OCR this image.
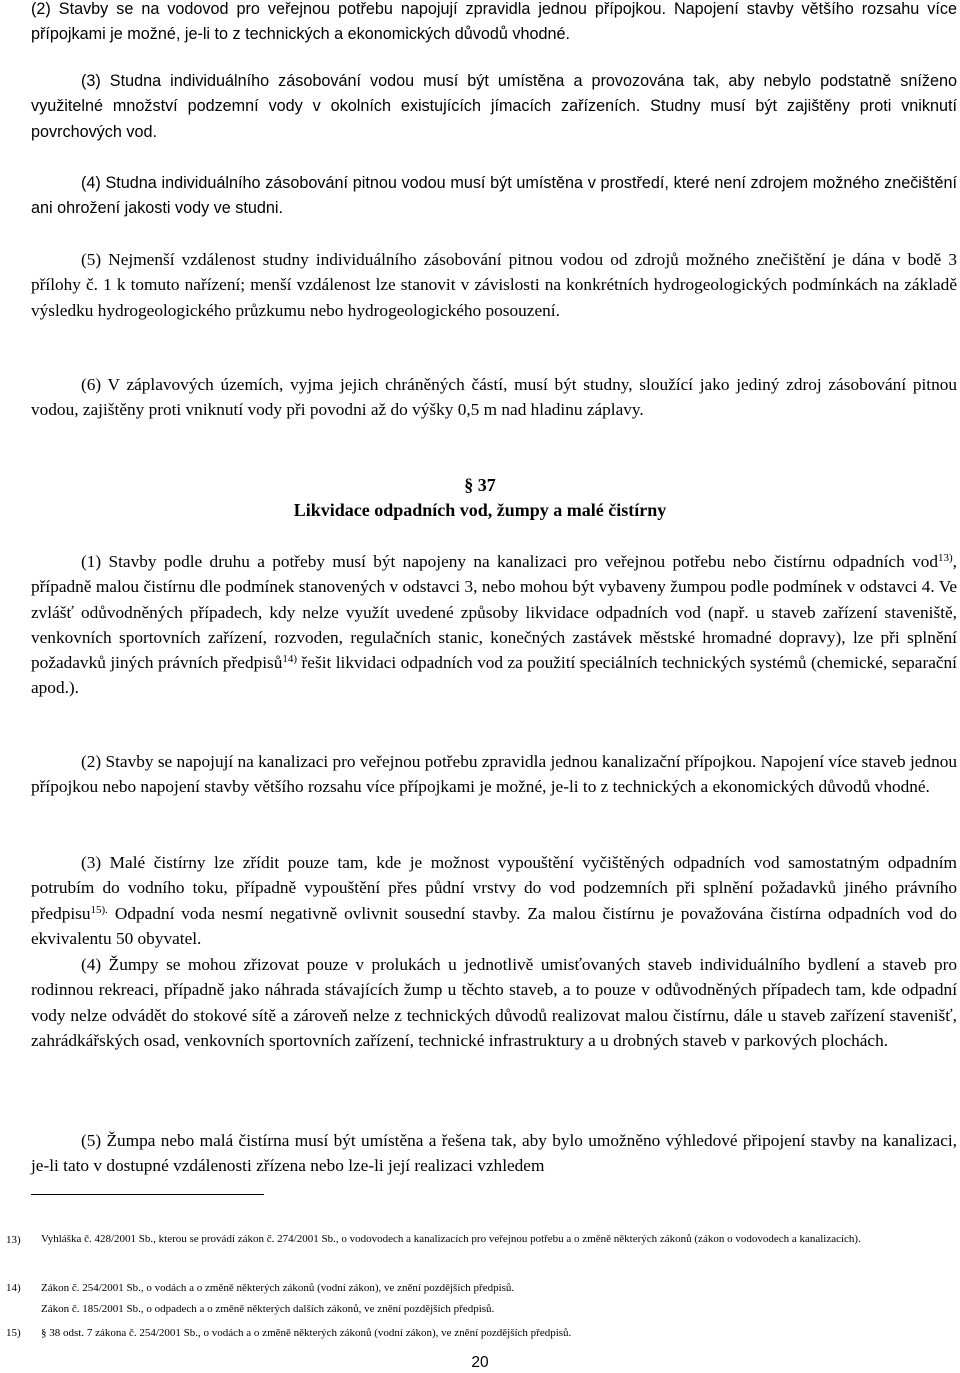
(2) Stavby se na vodovod pro veřejnou potřebu napojují zpravidla jednou přípojkou. Napojení stavby většího rozsahu více přípojkami je možné, je-li to z technických a ekonomických důvodů vhodné.

(3) Studna individuálního zásobování vodou musí být umístěna a provozována tak, aby nebylo podstatně sníženo využitelné množství podzemní vody v okolních existujících jímacích zařízeních. Studny musí být zajištěny proti vniknutí povrchových vod.

(4) Studna individuálního zásobování pitnou vodou musí být umístěna v prostředí, které není zdrojem možného znečištění ani ohrožení jakosti vody ve studni.

(5) Nejmenší vzdálenost studny individuálního zásobování pitnou vodou od zdrojů možného znečištění je dána v bodě 3 přílohy č. 1 k tomuto nařízení; menší vzdálenost lze stanovit v závislosti na konkrétních hydrogeologických podmínkách na základě výsledku hydrogeologického průzkumu nebo hydrogeologického posouzení.

(6) V záplavových územích, vyjma jejich chráněných částí, musí být studny, sloužící jako jediný zdroj zásobování pitnou vodou, zajištěny proti vniknutí vody při povodni až do výšky 0,5 m nad hladinu záplavy.

§ 37

Likvidace odpadních vod, žumpy a malé čistírny

(1) Stavby podle druhu a potřeby musí být napojeny na kanalizaci pro veřejnou potřebu nebo čistírnu odpadních vod$^{13)}$, případně malou čistírnu dle podmínek stanovených v odstavci 3, nebo mohou být vybaveny žumpou podle podmínek v odstavci 4. Ve zvlášť odůvodněných případech, kdy nelze využít uvedené způsoby likvidace odpadních vod (např. u staveb zařízení staveniště, venkovních sportovních zařízení, rozvoden, regulačních stanic, konečných zastávek městské hromadné dopravy), lze při splnění požadavků jiných právních předpisů$^{14)}$ řešit likvidaci odpadních vod za použití speciálních technických systémů (chemické, separační apod.).

(2) Stavby se napojují na kanalizaci pro veřejnou potřebu zpravidla jednou kanalizační přípojkou. Napojení více staveb jednou přípojkou nebo napojení stavby většího rozsahu více přípojkami je možné, je-li to z technických a ekonomických důvodů vhodné.

(3) Malé čistírny lze zřídit pouze tam, kde je možnost vypouštění vyčištěných odpadních vod samostatným odpadním potrubím do vodního toku, případně vypouštění přes půdní vrstvy do vod podzemních při splnění požadavků jiného právního předpisu$^{15).}$ Odpadní voda nesmí negativně ovlivnit sousední stavby. Za malou čistírnu je považována čistírna odpadních vod do ekvivalentu 50 obyvatel.

(4) Žumpy se mohou zřizovat pouze v prolukách u jednotlivě umisťovaných staveb individuálního bydlení a staveb pro rodinnou rekreaci, případně jako náhrada stávajících žump u těchto staveb, a to pouze v odůvodněných případech tam, kde odpadní vody nelze odvádět do stokové sítě a zároveň nelze z technických důvodů realizovat malou čistírnu, dále u staveb zařízení stavenišť, zahrádkářských osad, venkovních sportovních zařízení, technické infrastruktury a u drobných staveb v parkových plochách.

(5) Žumpa nebo malá čistírna musí být umístěna a řešena tak, aby bylo umožněno výhledové připojení stavby na kanalizaci, je-li tato v dostupné vzdálenosti zřízena nebo lze-li její realizaci vzhledem

13) Vyhláška č. 428/2001 Sb., kterou se provádí zákon č. 274/2001 Sb., o vodovodech a kanalizacích pro veřejnou potřebu a o změně některých zákonů (zákon o vodovodech a kanalizacích).
14) Zákon č. 254/2001 Sb., o vodách a o změně některých zákonů (vodní zákon), ve znění pozdějších předpisů.
Zákon č. 185/2001 Sb., o odpadech a o změně některých dalších zákonů, ve znění pozdějších předpisů.
15) § 38 odst. 7 zákona č. 254/2001 Sb., o vodách a o změně některých zákonů (vodní zákon), ve znění pozdějších předpisů.
20
